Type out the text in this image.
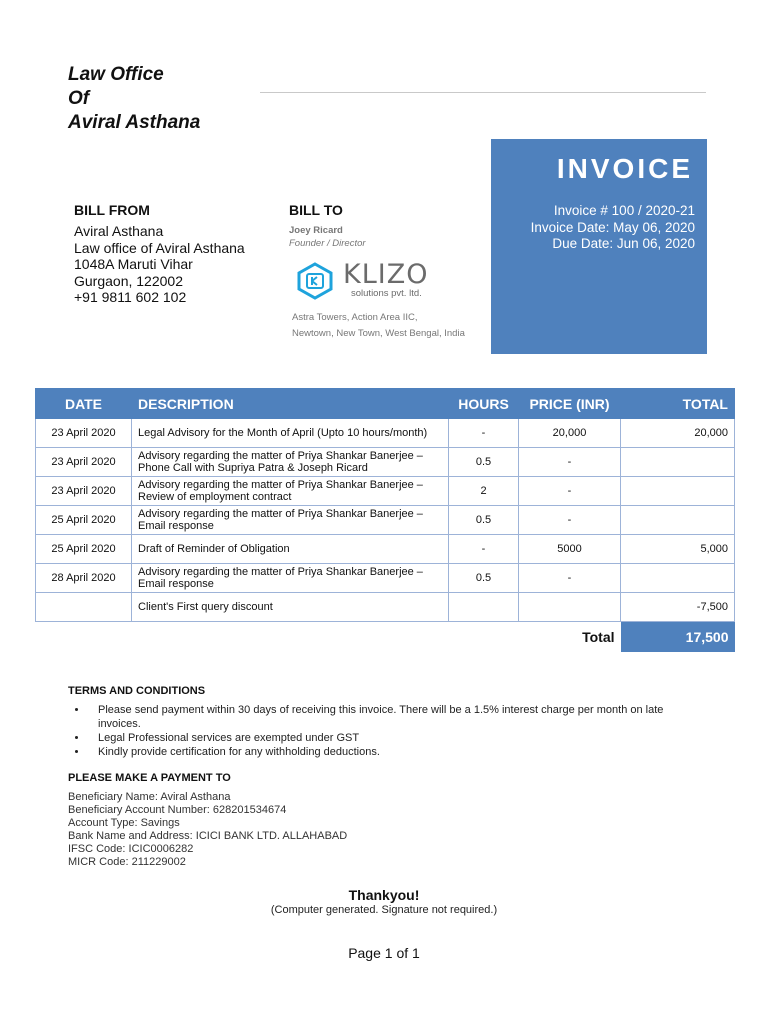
Law Office
Of
Aviral Asthana
INVOICE
Invoice # 100 / 2020-21
Invoice Date: May 06, 2020
Due Date: Jun 06, 2020
BILL FROM
Aviral Asthana
Law office of Aviral Asthana
1048A Maruti Vihar
Gurgaon, 122002
+91 9811 602 102
BILL TO
Joey Ricard
Founder / Director
KLIZO
solutions pvt. ltd.
Astra Towers, Action Area IIC,
Newtown, New Town, West Bengal, India
DATE	DESCRIPTION	HOURS	PRICE (INR)	TOTAL
23 April 2020	Legal Advisory for the Month of April (Upto 10 hours/month)	-	20,000	20,000
23 April 2020	Advisory regarding the matter of Priya Shankar Banerjee – Phone Call with Supriya Patra & Joseph Ricard	0.5	-	
23 April 2020	Advisory regarding the matter of Priya Shankar Banerjee – Review of employment contract	2	-	
25 April 2020	Advisory regarding the matter of Priya Shankar Banerjee – Email response	0.5	-	
25 April 2020	Draft of Reminder of Obligation	-	5000	5,000
28 April 2020	Advisory regarding the matter of Priya Shankar Banerjee – Email response	0.5	-	
	Client's First query discount			-7,500
			Total	17,500
TERMS AND CONDITIONS
• Please send payment within 30 days of receiving this invoice. There will be a 1.5% interest charge per month on late invoices.
• Legal Professional services are exempted under GST
• Kindly provide certification for any withholding deductions.
PLEASE MAKE A PAYMENT TO
Beneficiary Name: Aviral Asthana
Beneficiary Account Number: 628201534674
Account Type: Savings
Bank Name and Address: ICICI BANK LTD. ALLAHABAD
IFSC Code: ICIC0006282
MICR Code: 211229002
Thankyou!
(Computer generated. Signature not required.)
Page 1 of 1
